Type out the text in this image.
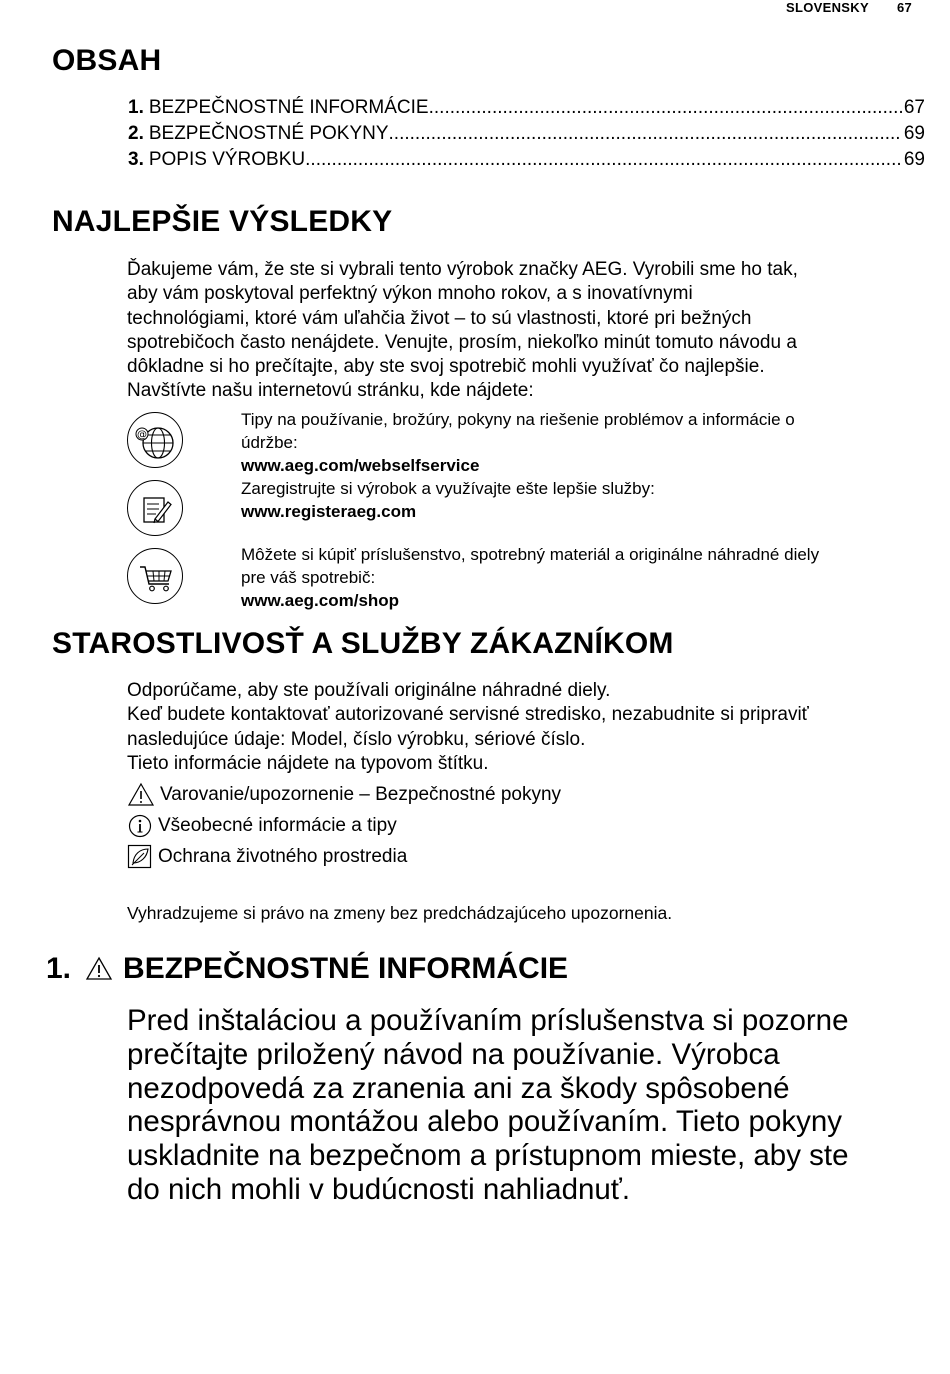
SLOVENSKY 67
OBSAH
1. BEZPEČNOSTNÉ INFORMÁCIE .....	67
2. BEZPEČNOSTNÉ POKYNY .....	69
3. POPIS VÝROBKU .....	69
NAJLEPŠIE VÝSLEDKY
Ďakujeme vám, že ste si vybrali tento výrobok značky AEG. Vyrobili sme ho tak,
aby vám poskytoval perfektný výkon mnoho rokov, a s inovatívnymi
technológiami, ktoré vám uľahčia život – to sú vlastnosti, ktoré pri bežných
spotrebičoch často nenájdete. Venujte, prosím, niekoľko minút tomuto návodu a
dôkladne si ho prečítajte, aby ste svoj spotrebič mohli využívať čo najlepšie.
Navštívte našu internetovú stránku, kde nájdete:
@
Tipy na používanie, brožúry, pokyny na riešenie problémov a informácie o
údržbe:
www.aeg.com/webselfservice
Zaregistrujte si výrobok a využívajte ešte lepšie služby:
www.registeraeg.com
Môžete si kúpiť príslušenstvo, spotrebný materiál a originálne náhradné diely
pre váš spotrebič:
www.aeg.com/shop
STAROSTLIVOSŤ A SLUŽBY ZÁKAZNÍKOM
Odporúčame, aby ste používali originálne náhradné diely.
Keď budete kontaktovať autorizované servisné stredisko, nezabudnite si pripraviť
nasledujúce údaje: Model, číslo výrobku, sériové číslo.
Tieto informácie nájdete na typovom štítku.
Varovanie/upozornenie – Bezpečnostné pokyny
Všeobecné informácie a tipy
Ochrana životného prostredia
Vyhradzujeme si právo na zmeny bez predchádzajúceho upozornenia.
1. BEZPEČNOSTNÉ INFORMÁCIE
Pred inštaláciou a používaním príslušenstva si pozorne
prečítajte priložený návod na používanie. Výrobca
nezodpovedá za zranenia ani za škody spôsobené
nesprávnou montážou alebo používaním. Tieto pokyny
uskladnite na bezpečnom a prístupnom mieste, aby ste
do nich mohli v budúcnosti nahliadnuť.
